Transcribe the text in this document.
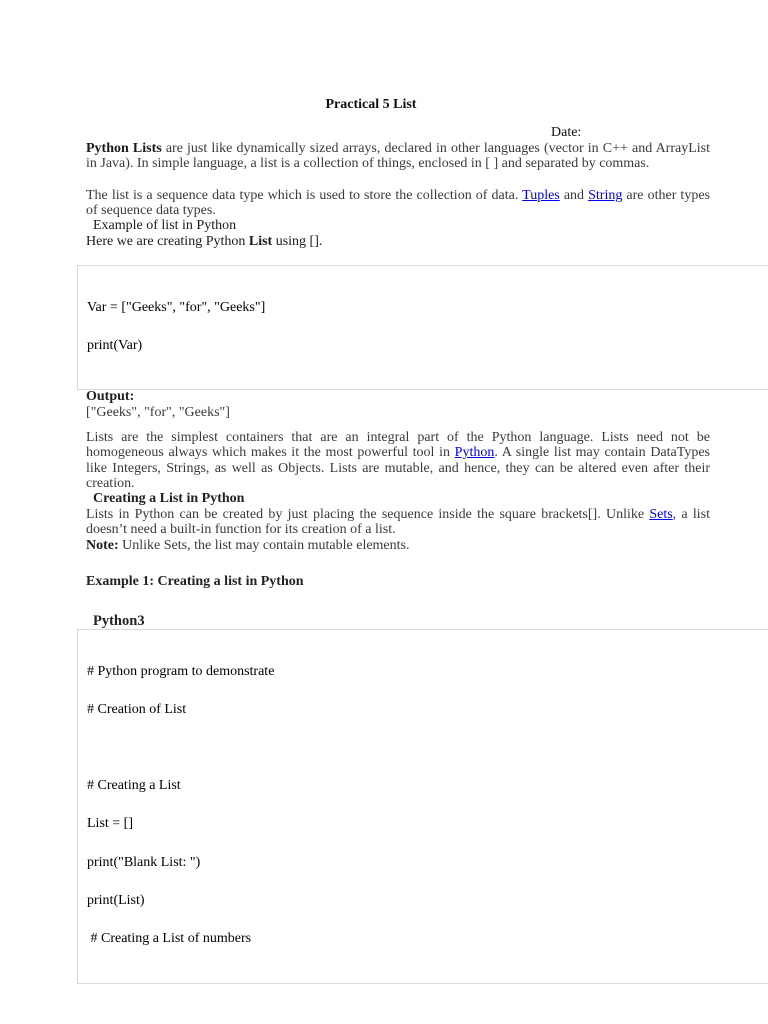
Practical 5 List
Date:
Python Lists are just like dynamically sized arrays, declared in other languages (vector in C++ and ArrayList in Java). In simple language, a list is a collection of things, enclosed in [ ] and separated by commas.
The list is a sequence data type which is used to store the collection of data. Tuples and String are other types of sequence data types.
Example of list in Python
Here we are creating Python List using [].
Var = ["Geeks", "for", "Geeks"]
print(Var)
Output:
["Geeks", "for", "Geeks"]
Lists are the simplest containers that are an integral part of the Python language. Lists need not be homogeneous always which makes it the most powerful tool in Python. A single list may contain DataTypes like Integers, Strings, as well as Objects. Lists are mutable, and hence, they can be altered even after their creation.
Creating a List in Python
Lists in Python can be created by just placing the sequence inside the square brackets[]. Unlike Sets, a list doesn’t need a built-in function for its creation of a list.
Note: Unlike Sets, the list may contain mutable elements.
Example 1: Creating a list in Python
Python3
# Python program to demonstrate
# Creation of List
# Creating a List
List = []
print("Blank List: ")
print(List)
# Creating a List of numbers
